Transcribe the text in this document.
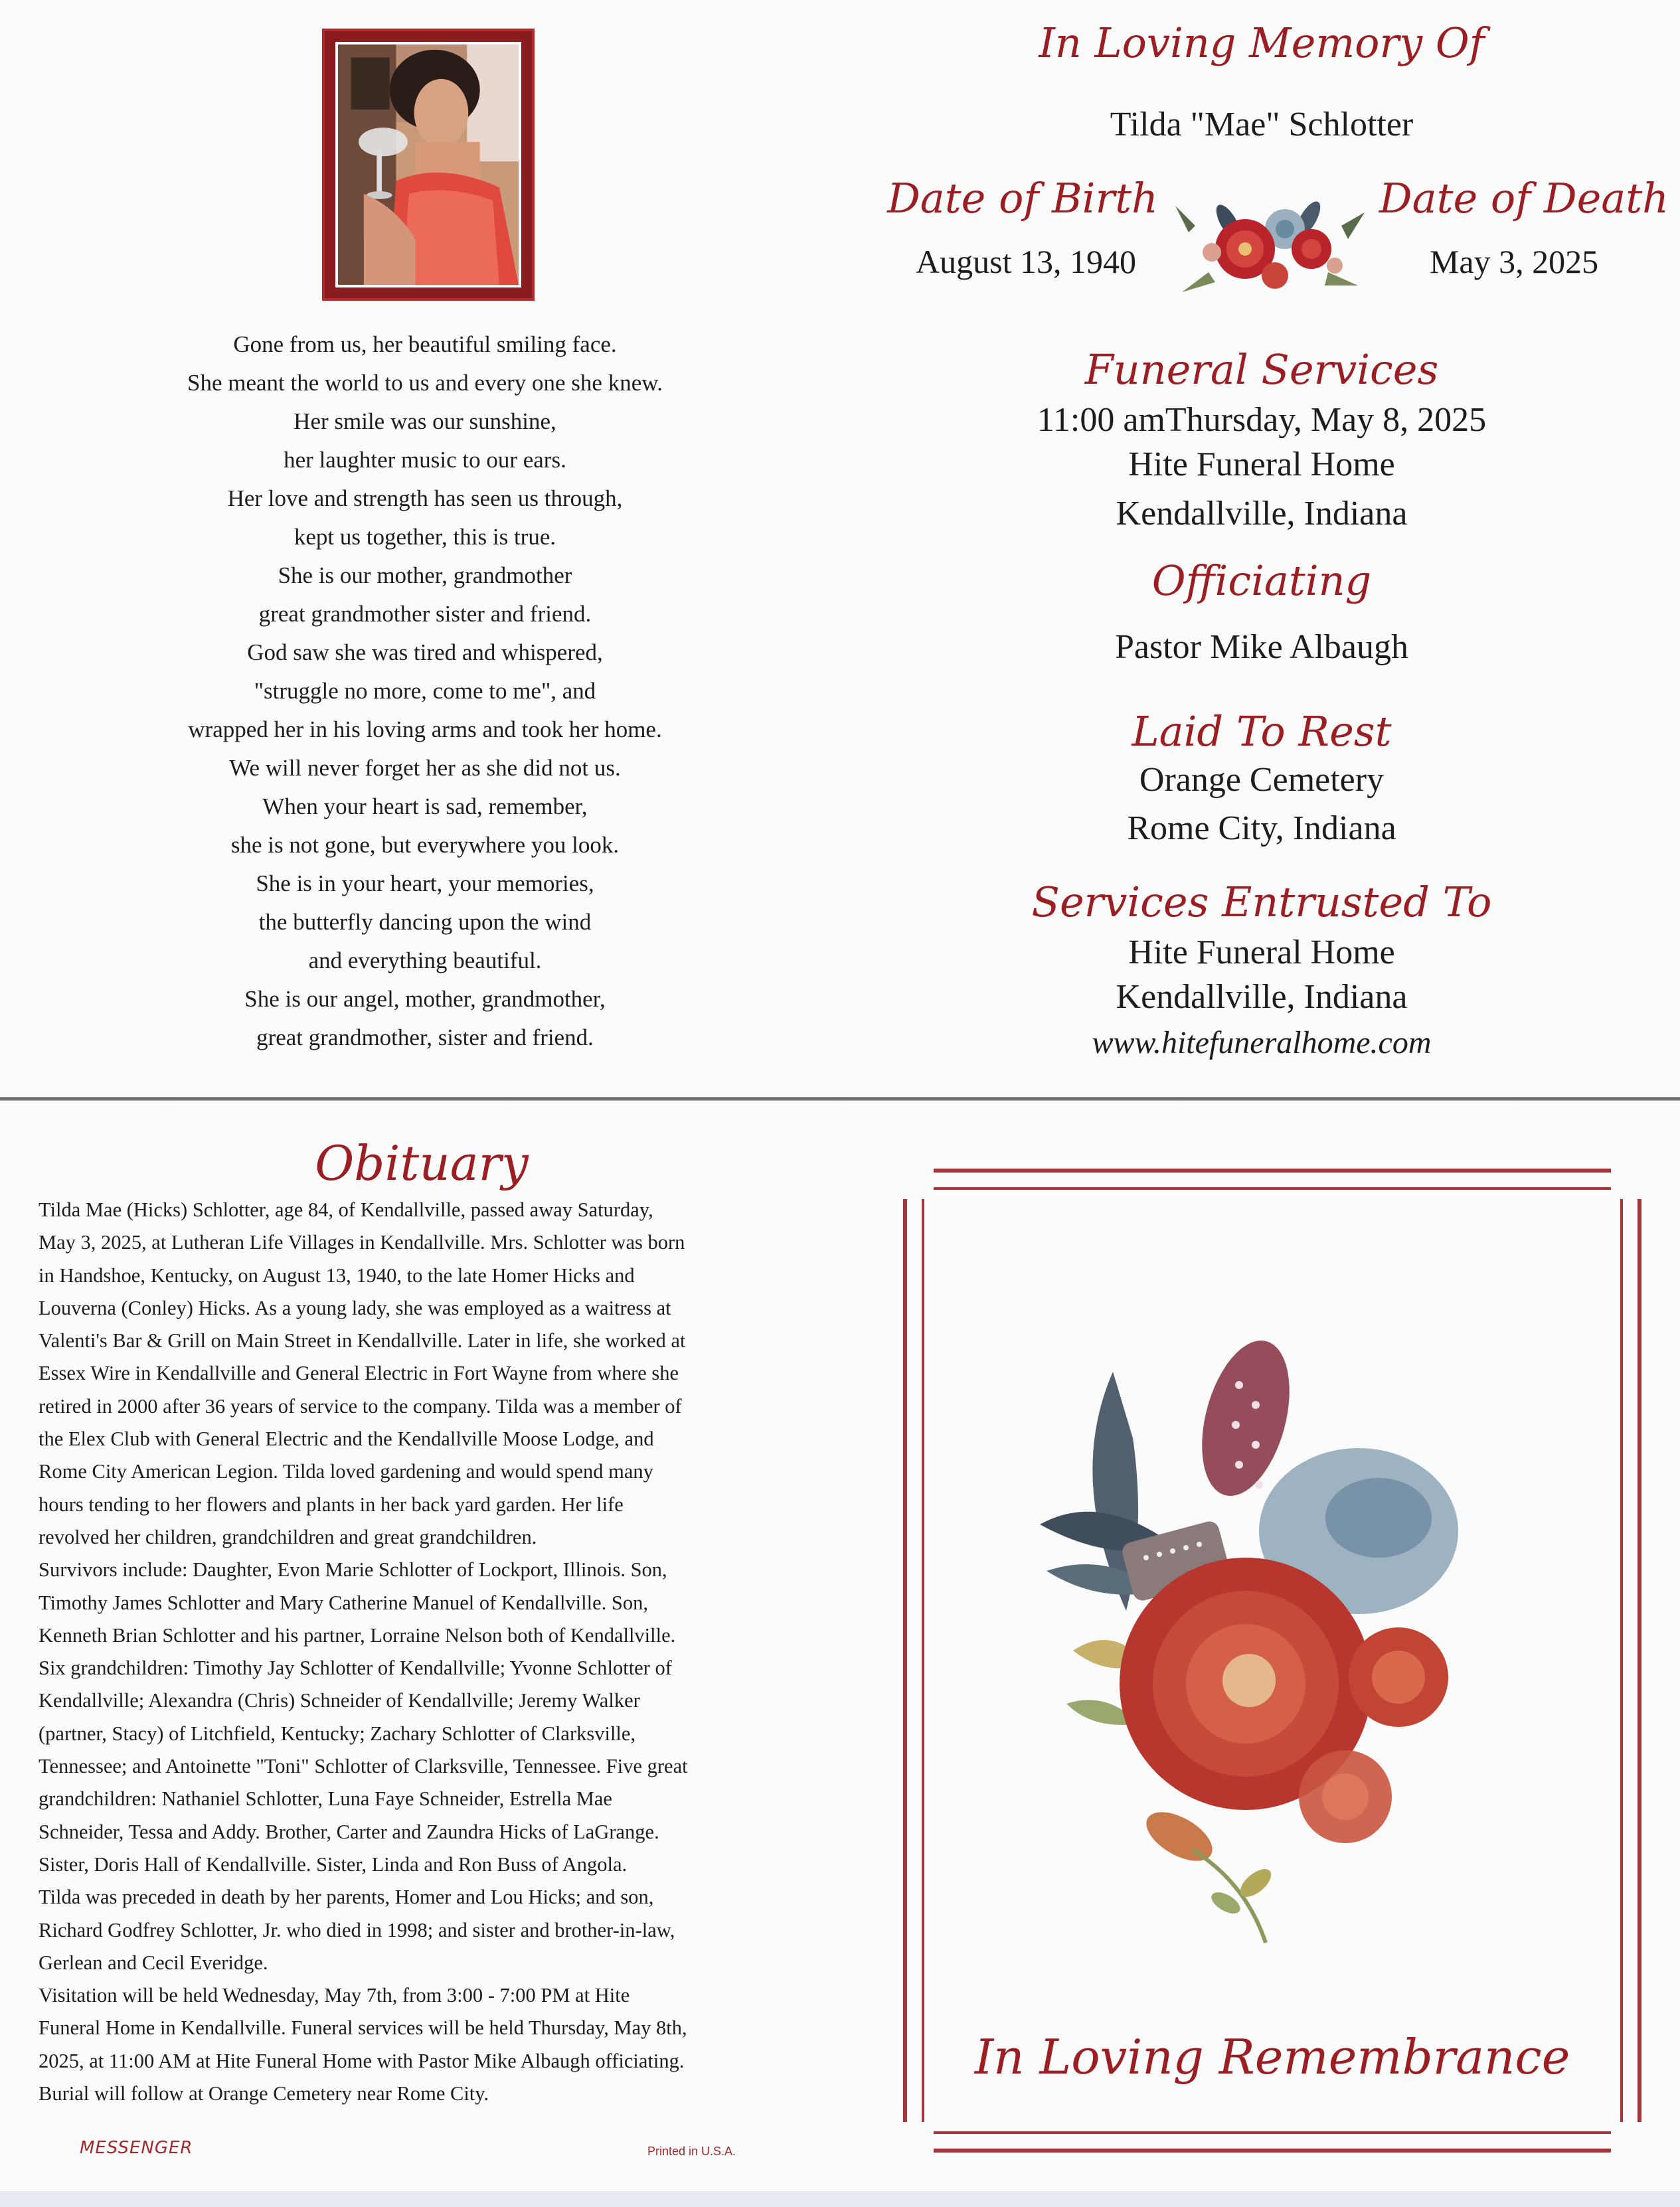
Gone from us, her beautiful smiling face.
She meant the world to us and every one she knew.
Her smile was our sunshine,
her laughter music to our ears.
Her love and strength has seen us through,
kept us together, this is true.
She is our mother, grandmother
great grandmother sister and friend.
God saw she was tired and whispered,
"struggle no more, come to me", and
wrapped her in his loving arms and took her home.
We will never forget her as she did not us.
When your heart is sad, remember,
she is not gone, but everywhere you look.
She is in your heart, your memories,
the butterfly dancing upon the wind
and everything beautiful.
She is our angel, mother, grandmother,
great grandmother, sister and friend.
In Loving Memory Of
Tilda "Mae" Schlotter
Date of Birth
August 13, 1940
Date of Death
May 3, 2025
Funeral Services
11:00 amThursday, May 8, 2025
Hite Funeral Home
Kendallville, Indiana
Officiating
Pastor Mike Albaugh
Laid To Rest
Orange Cemetery
Rome City, Indiana
Services Entrusted To
Hite Funeral Home
Kendallville, Indiana
www.hitefuneralhome.com
Obituary
Tilda Mae (Hicks) Schlotter, age 84, of Kendallville, passed away Saturday,
May 3, 2025, at Lutheran Life Villages in Kendallville. Mrs. Schlotter was born
in Handshoe, Kentucky, on August 13, 1940, to the late Homer Hicks and
Louverna (Conley) Hicks. As a young lady, she was employed as a waitress at
Valenti's Bar & Grill on Main Street in Kendallville. Later in life, she worked at
Essex Wire in Kendallville and General Electric in Fort Wayne from where she
retired in 2000 after 36 years of service to the company. Tilda was a member of
the Elex Club with General Electric and the Kendallville Moose Lodge, and
Rome City American Legion. Tilda loved gardening and would spend many
hours tending to her flowers and plants in her back yard garden. Her life
revolved her children, grandchildren and great grandchildren.
Survivors include: Daughter, Evon Marie Schlotter of Lockport, Illinois. Son,
Timothy James Schlotter and Mary Catherine Manuel of Kendallville. Son,
Kenneth Brian Schlotter and his partner, Lorraine Nelson both of Kendallville.
Six grandchildren: Timothy Jay Schlotter of Kendallville; Yvonne Schlotter of
Kendallville; Alexandra (Chris) Schneider of Kendallville; Jeremy Walker
(partner, Stacy) of Litchfield, Kentucky; Zachary Schlotter of Clarksville,
Tennessee; and Antoinette "Toni" Schlotter of Clarksville, Tennessee. Five great
grandchildren: Nathaniel Schlotter, Luna Faye Schneider, Estrella Mae
Schneider, Tessa and Addy. Brother, Carter and Zaundra Hicks of LaGrange.
Sister, Doris Hall of Kendallville. Sister, Linda and Ron Buss of Angola.
Tilda was preceded in death by her parents, Homer and Lou Hicks; and son,
Richard Godfrey Schlotter, Jr. who died in 1998; and sister and brother-in-law,
Gerlean and Cecil Everidge.
Visitation will be held Wednesday, May 7th, from 3:00 - 7:00 PM at Hite
Funeral Home in Kendallville. Funeral services will be held Thursday, May 8th,
2025, at 11:00 AM at Hite Funeral Home with Pastor Mike Albaugh officiating.
Burial will follow at Orange Cemetery near Rome City.
MESSENGER	Printed in U.S.A.
In Loving Remembrance
